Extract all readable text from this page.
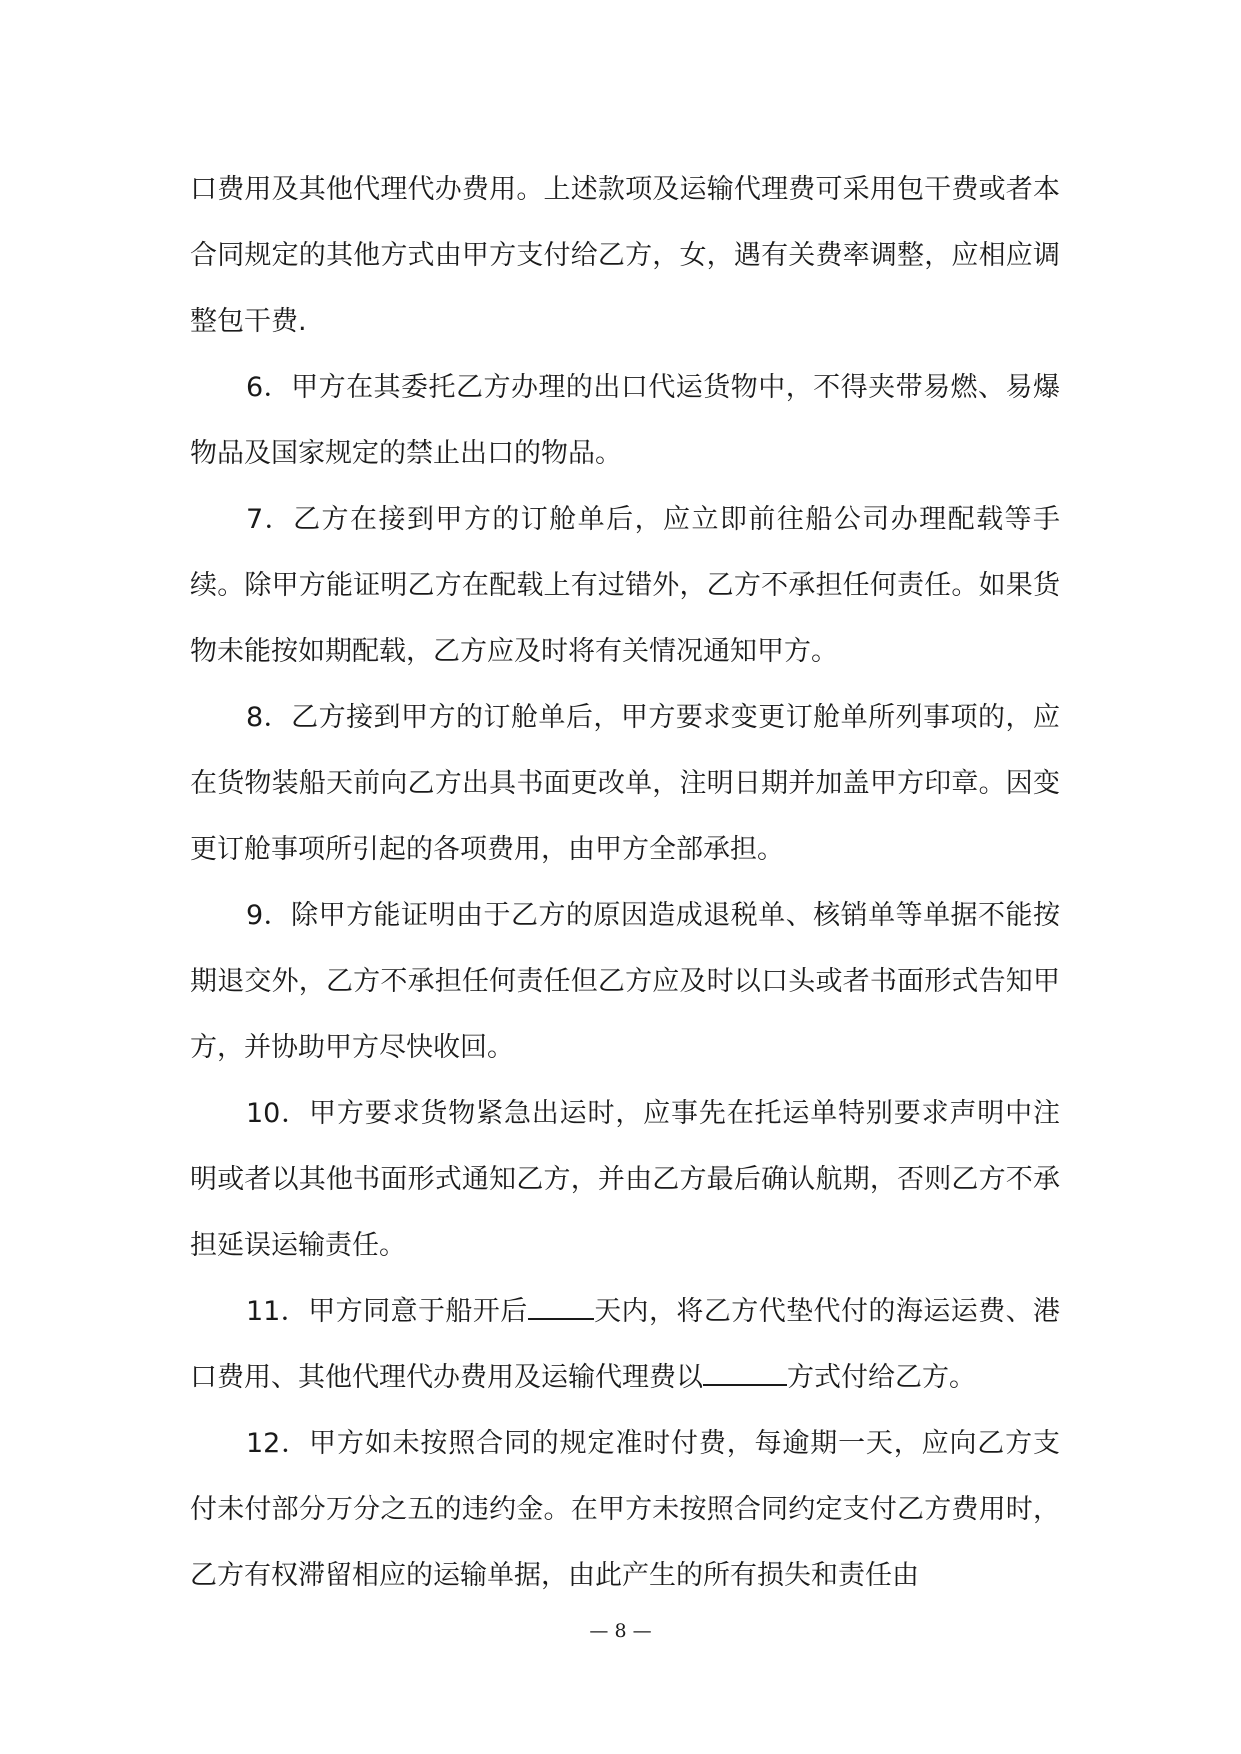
口费用及其他代理代办费用。上述款项及运输代理费可采用包干费或者本合同规定的其他方式由甲方支付给乙方，女，遇有关费率调整，应相应调整包干费.

6．甲方在其委托乙方办理的出口代运货物中，不得夹带易燃、易爆物品及国家规定的禁止出口的物品。

7．乙方在接到甲方的订舱单后，应立即前往船公司办理配载等手续。除甲方能证明乙方在配载上有过错外，乙方不承担任何责任。如果货物未能按如期配载，乙方应及时将有关情况通知甲方。

8．乙方接到甲方的订舱单后，甲方要求变更订舱单所列事项的，应在货物装船天前向乙方出具书面更改单，注明日期并加盖甲方印章。因变更订舱事项所引起的各项费用，由甲方全部承担。

9．除甲方能证明由于乙方的原因造成退税单、核销单等单据不能按期退交外，乙方不承担任何责任但乙方应及时以口头或者书面形式告知甲方，并协助甲方尽快收回。

10．甲方要求货物紧急出运时，应事先在托运单特别要求声明中注明或者以其他书面形式通知乙方，并由乙方最后确认航期，否则乙方不承担延误运输责任。

11．甲方同意于船开后 天内，将乙方代垫代付的海运运费、港口费用、其他代理代办费用及运输代理费以	方式付给乙方。

12．甲方如未按照合同的规定准时付费，每逾期一天，应向乙方支付未付部分万分之五的违约金。在甲方未按照合同约定支付乙方费用时，乙方有权滞留相应的运输单据，由此产生的所有损失和责任由

— 8 —
